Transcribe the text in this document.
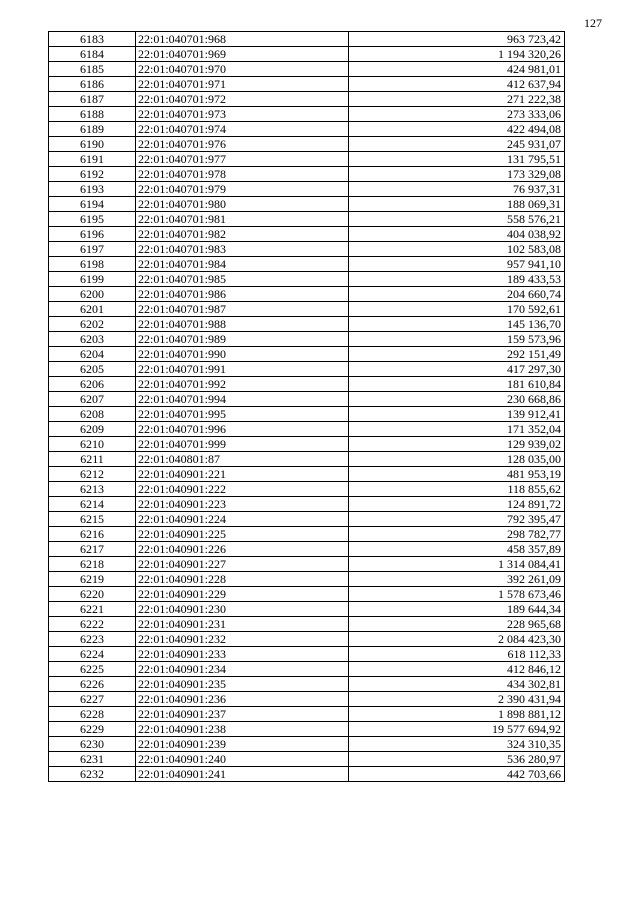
127
6183	22:01:040701:968	963 723,42
6184	22:01:040701:969	1 194 320,26
6185	22:01:040701:970	424 981,01
6186	22:01:040701:971	412 637,94
6187	22:01:040701:972	271 222,38
6188	22:01:040701:973	273 333,06
6189	22:01:040701:974	422 494,08
6190	22:01:040701:976	245 931,07
6191	22:01:040701:977	131 795,51
6192	22:01:040701:978	173 329,08
6193	22:01:040701:979	76 937,31
6194	22:01:040701:980	188 069,31
6195	22:01:040701:981	558 576,21
6196	22:01:040701:982	404 038,92
6197	22:01:040701:983	102 583,08
6198	22:01:040701:984	957 941,10
6199	22:01:040701:985	189 433,53
6200	22:01:040701:986	204 660,74
6201	22:01:040701:987	170 592,61
6202	22:01:040701:988	145 136,70
6203	22:01:040701:989	159 573,96
6204	22:01:040701:990	292 151,49
6205	22:01:040701:991	417 297,30
6206	22:01:040701:992	181 610,84
6207	22:01:040701:994	230 668,86
6208	22:01:040701:995	139 912,41
6209	22:01:040701:996	171 352,04
6210	22:01:040701:999	129 939,02
6211	22:01:040801:87	128 035,00
6212	22:01:040901:221	481 953,19
6213	22:01:040901:222	118 855,62
6214	22:01:040901:223	124 891,72
6215	22:01:040901:224	792 395,47
6216	22:01:040901:225	298 782,77
6217	22:01:040901:226	458 357,89
6218	22:01:040901:227	1 314 084,41
6219	22:01:040901:228	392 261,09
6220	22:01:040901:229	1 578 673,46
6221	22:01:040901:230	189 644,34
6222	22:01:040901:231	228 965,68
6223	22:01:040901:232	2 084 423,30
6224	22:01:040901:233	618 112,33
6225	22:01:040901:234	412 846,12
6226	22:01:040901:235	434 302,81
6227	22:01:040901:236	2 390 431,94
6228	22:01:040901:237	1 898 881,12
6229	22:01:040901:238	19 577 694,92
6230	22:01:040901:239	324 310,35
6231	22:01:040901:240	536 280,97
6232	22:01:040901:241	442 703,66
